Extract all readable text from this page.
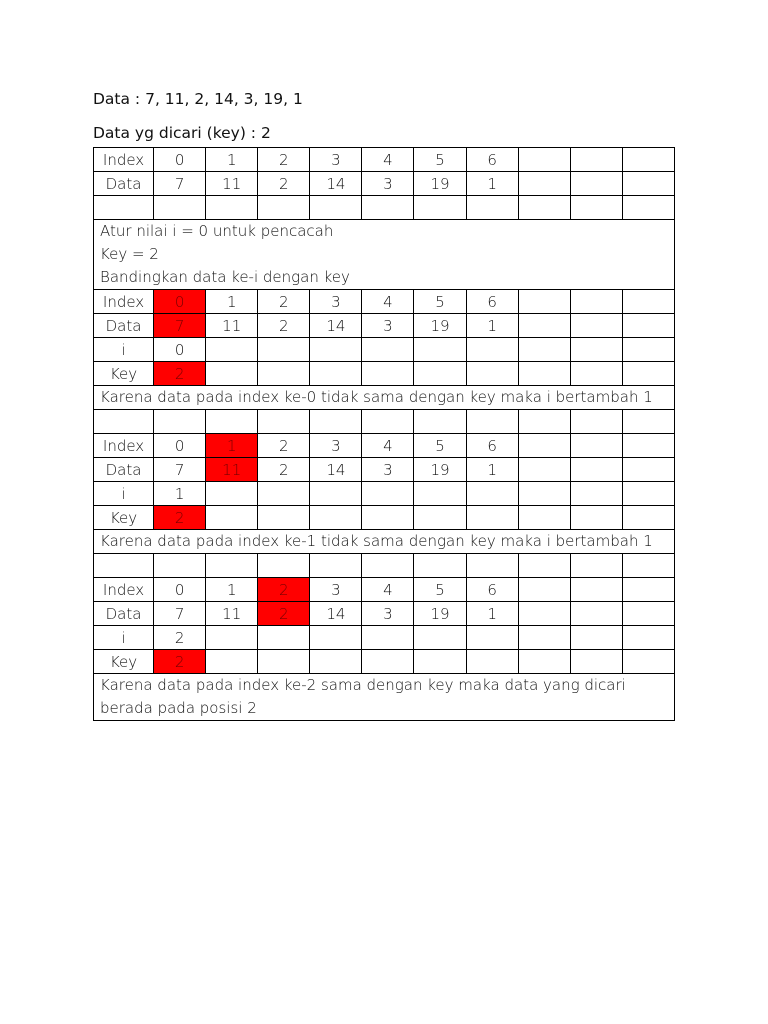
Data : 7, 11, 2, 14, 3, 19, 1
Data yg dicari (key) : 2
Index	0	1	2	3	4	5	6			
Data	7	11	2	14	3	19	1			

Atur nilai i = 0 untuk pencacah
Key = 2
Bandingkan data ke-i dengan key										

Index	0	1	2	3	4	5	6			
Data	7	11	2	14	3	19	1			
i	0									
Key	2									

Karena data pada index ke-0 tidak sama dengan key maka i bertambah 1										

Index	0	1	2	3	4	5	6			
Data	7	11	2	14	3	19	1			
i	1									
Key	2									

Karena data pada index ke-1 tidak sama dengan key maka i bertambah 1										

Index	0	1	2	3	4	5	6			
Data	7	11	2	14	3	19	1			
i	2									
Key	2									

Karena data pada index ke-2 sama dengan key maka data yang dicari berada pada posisi 2										
